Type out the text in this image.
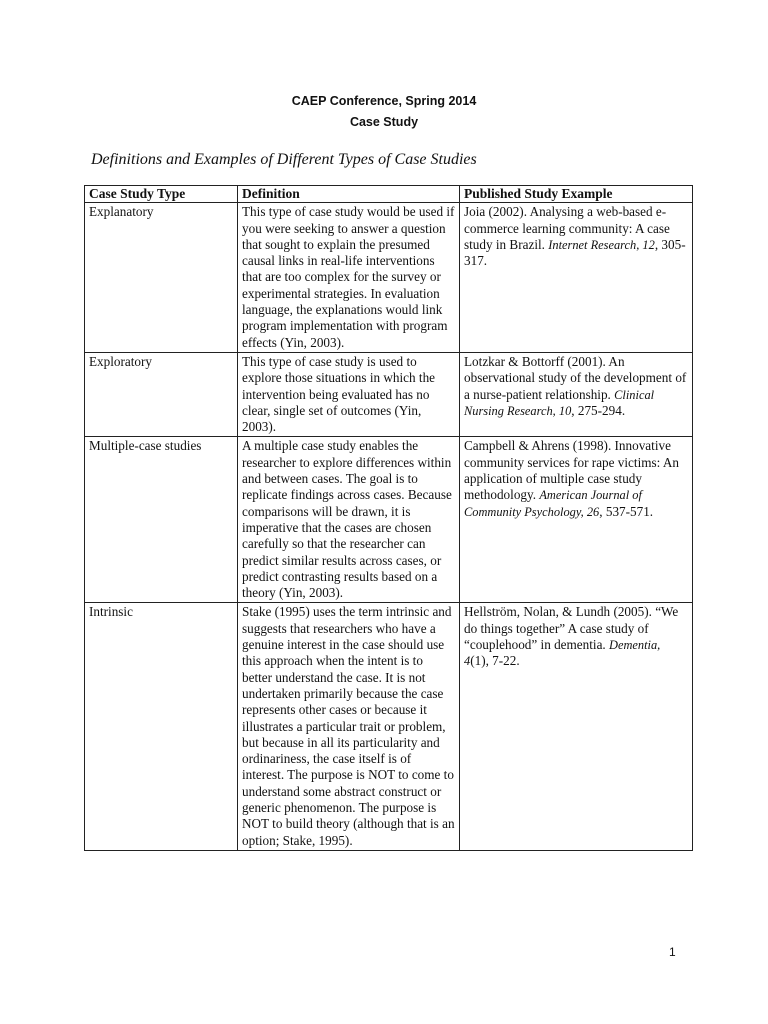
CAEP Conference, Spring 2014
Case Study
Definitions and Examples of Different Types of Case Studies
Case Study Type	Definition	Published Study Example
Explanatory	This type of case study would be used if you were seeking to answer a question that sought to explain the presumed causal links in real-life interventions that are too complex for the survey or experimental strategies. In evaluation language, the explanations would link program implementation with program effects (Yin, 2003).	Joia (2002). Analysing a web-based e-commerce learning community: A case study in Brazil. Internet Research, 12, 305-317.
Exploratory	This type of case study is used to explore those situations in which the intervention being evaluated has no clear, single set of outcomes (Yin, 2003).	Lotzkar & Bottorff (2001). An observational study of the development of a nurse-patient relationship. Clinical Nursing Research, 10, 275-294.
Multiple-case studies	A multiple case study enables the researcher to explore differences within and between cases. The goal is to replicate findings across cases. Because comparisons will be drawn, it is imperative that the cases are chosen carefully so that the researcher can predict similar results across cases, or predict contrasting results based on a theory (Yin, 2003).	Campbell & Ahrens (1998). Innovative community services for rape victims: An application of multiple case study methodology. American Journal of Community Psychology, 26, 537-571.
Intrinsic	Stake (1995) uses the term intrinsic and suggests that researchers who have a genuine interest in the case should use this approach when the intent is to better understand the case. It is not undertaken primarily because the case represents other cases or because it illustrates a particular trait or problem, but because in all its particularity and ordinariness, the case itself is of interest. The purpose is NOT to come to understand some abstract construct or generic phenomenon. The purpose is NOT to build theory (although that is an option; Stake, 1995).	Hellström, Nolan, & Lundh (2005). “We do things together” A case study of “couplehood” in dementia. Dementia, 4(1), 7-22.
1
